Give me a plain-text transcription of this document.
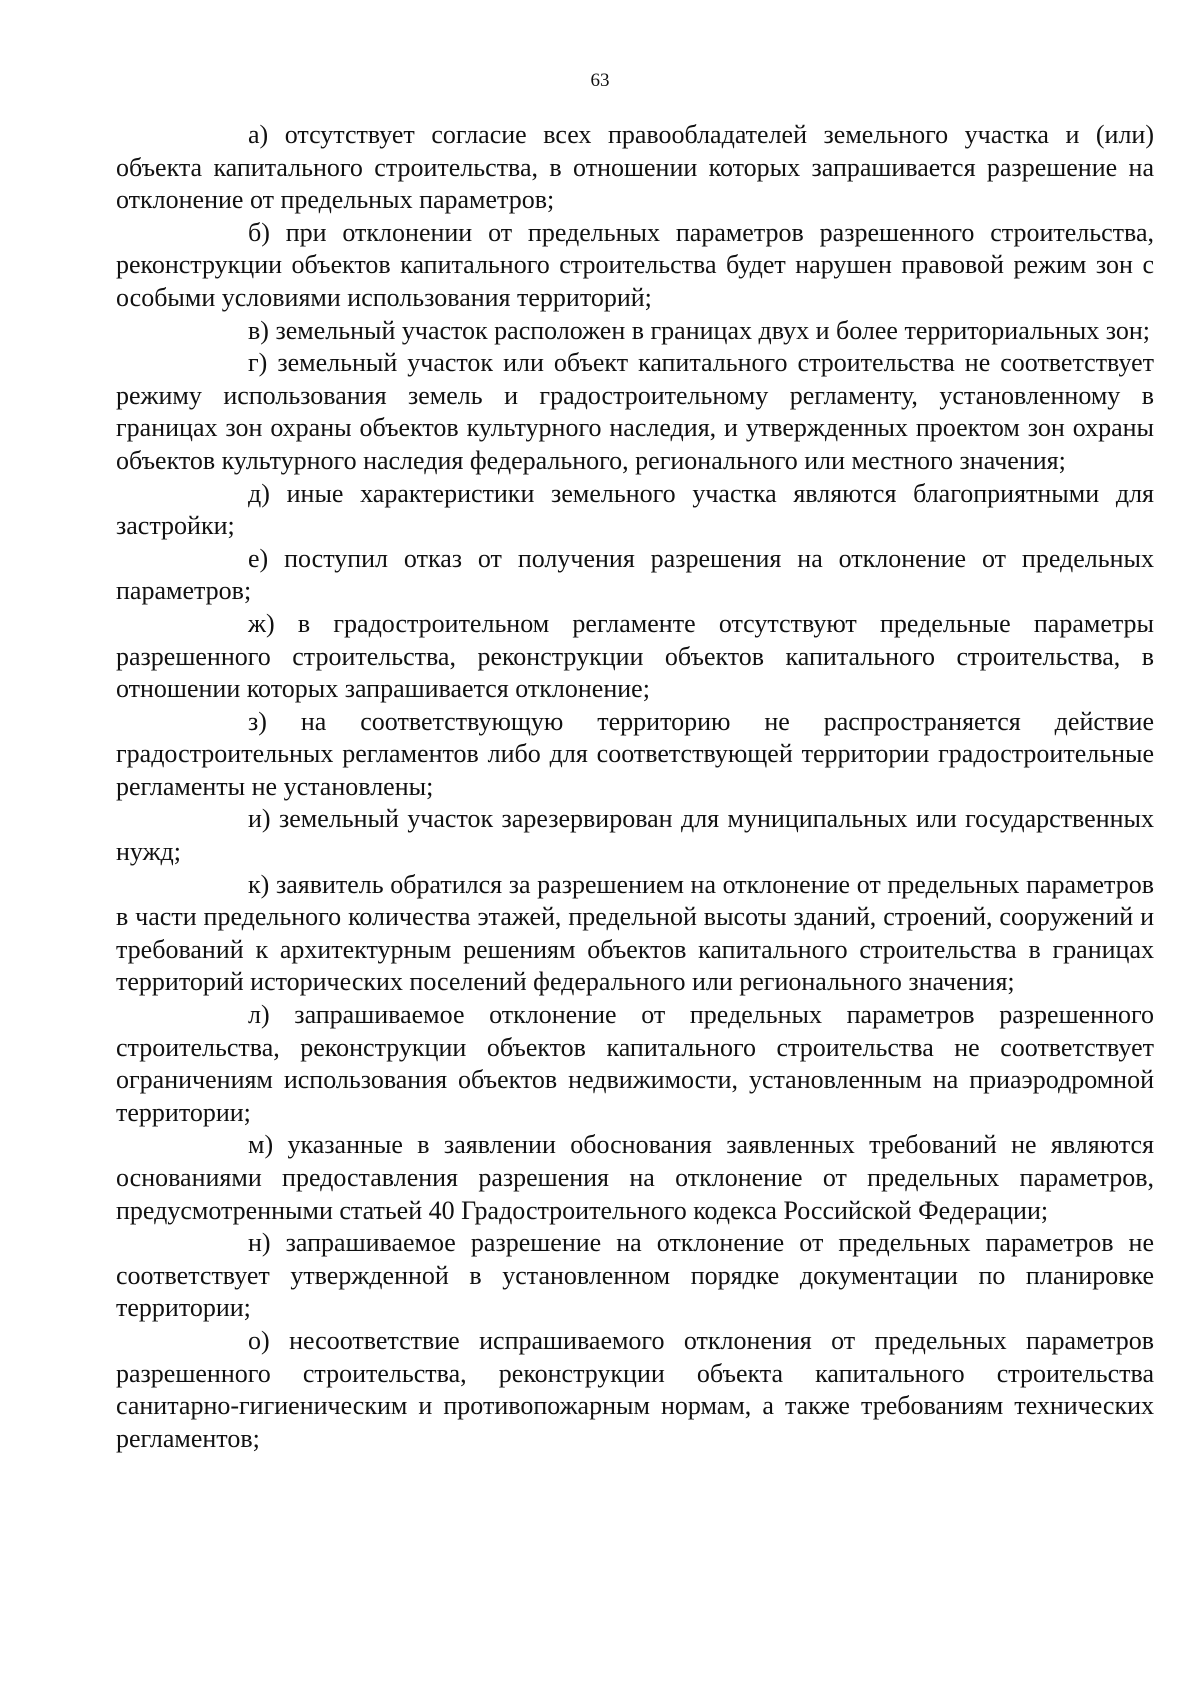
63

а) отсутствует согласие всех правообладателей земельного участка и (или) объекта капитального строительства, в отношении которых запрашивается разрешение на отклонение от предельных параметров;

б) при отклонении от предельных параметров разрешенного строительства, реконструкции объектов капитального строительства будет нарушен правовой режим зон с особыми условиями использования территорий;

в) земельный участок расположен в границах двух и более территориальных зон;

г) земельный участок или объект капитального строительства не соответствует режиму использования земель и градостроительному регламенту, установленному в границах зон охраны объектов культурного наследия, и утвержденных проектом зон охраны объектов культурного наследия федерального, регионального или местного значения;

д) иные характеристики земельного участка являются благоприятными для застройки;

е) поступил отказ от получения разрешения на отклонение от предельных параметров;

ж) в градостроительном регламенте отсутствуют предельные параметры разрешенного строительства, реконструкции объектов капитального строительства, в отношении которых запрашивается отклонение;

з) на соответствующую территорию не распространяется действие градостроительных регламентов либо для соответствующей территории градостроительные регламенты не установлены;

и) земельный участок зарезервирован для муниципальных или государственных нужд;

к) заявитель обратился за разрешением на отклонение от предельных параметров в части предельного количества этажей, предельной высоты зданий, строений, сооружений и требований к архитектурным решениям объектов капитального строительства в границах территорий исторических поселений федерального или регионального значения;

л) запрашиваемое отклонение от предельных параметров разрешенного строительства, реконструкции объектов капитального строительства не соответствует ограничениям использования объектов недвижимости, установленным на приаэродромной территории;

м) указанные в заявлении обоснования заявленных требований не являются основаниями предоставления разрешения на отклонение от предельных параметров, предусмотренными статьей 40 Градостроительного кодекса Российской Федерации;

н) запрашиваемое разрешение на отклонение от предельных параметров не соответствует утвержденной в установленном порядке документации по планировке территории;

о) несоответствие испрашиваемого отклонения от предельных параметров разрешенного строительства, реконструкции объекта капитального строительства санитарно-гигиеническим и противопожарным нормам, а также требованиям технических регламентов;
